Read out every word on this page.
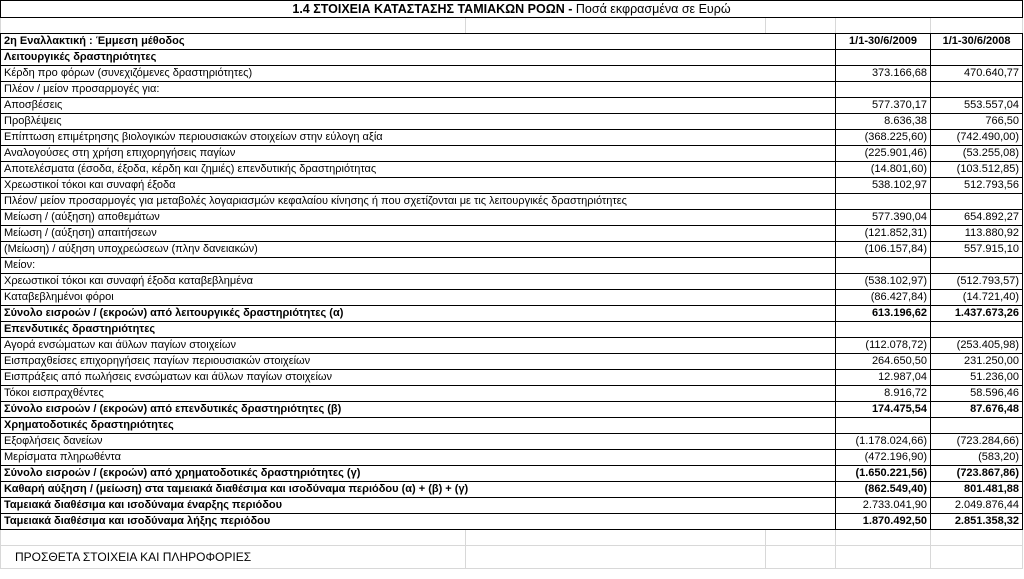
1.4 ΣΤΟΙΧΕΙΑ ΚΑΤΑΣΤΑΣΗΣ ΤΑΜΙΑΚΩΝ ΡΟΩΝ - Ποσά εκφρασμένα σε Ευρώ				

2η Εναλλακτική : Έμμεση μέθοδος			1/1-30/6/2009	1/1-30/6/2008
Λειτουργικές δραστηριότητες				
Κέρδη προ φόρων (συνεχιζόμενες δραστηριότητες)			373.166,68	470.640,77
Πλέον / μείον προσαρμογές για:				
Αποσβέσεις			577.370,17	553.557,04
Προβλέψεις			8.636,38	766,50
Επίπτωση επιμέτρησης βιολογικών περιουσιακών στοιχείων στην εύλογη αξία			(368.225,60)	(742.490,00)
Αναλογούσες στη χρήση επιχορηγήσεις παγίων			(225.901,46)	(53.255,08)
Αποτελέσματα (έσοδα, έξοδα, κέρδη και ζημιές) επενδυτικής δραστηριότητας			(14.801,60)	(103.512,85)
Χρεωστικοί τόκοι και συναφή έξοδα			538.102,97	512.793,56
Πλέον/ μείον προσαρμογές για μεταβολές λογαριασμών κεφαλαίου κίνησης ή που σχετίζονται με τις λειτουργικές δραστηριότητες				
Μείωση / (αύξηση) αποθεμάτων			577.390,04	654.892,27
Μείωση / (αύξηση) απαιτήσεων			(121.852,31)	113.880,92
(Μείωση) / αύξηση υποχρεώσεων (πλην δανειακών)			(106.157,84)	557.915,10
Μείον:				
Χρεωστικοί τόκοι και συναφή έξοδα καταβεβλημένα			(538.102,97)	(512.793,57)
Καταβεβλημένοι φόροι			(86.427,84)	(14.721,40)
Σύνολο εισροών / (εκροών) από λειτουργικές δραστηριότητες (α)			613.196,62	1.437.673,26
Επενδυτικές δραστηριότητες				
Αγορά ενσώματων και άϋλων παγίων στοιχείων			(112.078,72)	(253.405,98)
Εισπραχθείσες επιχορηγήσεις παγίων περιουσιακών στοιχείων			264.650,50	231.250,00
Εισπράξεις από πωλήσεις ενσώματων και άϋλων παγίων στοιχείων			12.987,04	51.236,00
Τόκοι εισπραχθέντες			8.916,72	58.596,46
Σύνολο εισροών / (εκροών) από επενδυτικές δραστηριότητες (β)			174.475,54	87.676,48
Χρηματοδοτικές δραστηριότητες				
Εξοφλήσεις δανείων			(1.178.024,66)	(723.284,66)
Μερίσματα πληρωθέντα			(472.196,90)	(583,20)
Σύνολο εισροών / (εκροών) από χρηματοδοτικές δραστηριότητες (γ)			(1.650.221,56)	(723.867,86)
Καθαρή αύξηση / (μείωση) στα ταμειακά διαθέσιμα και ισοδύναμα περιόδου (α) + (β) + (γ)			(862.549,40)	801.481,88
Ταμειακά διαθέσιμα και ισοδύναμα έναρξης περιόδου			2.733.041,90	2.049.876,44
Ταμειακά διαθέσιμα και ισοδύναμα λήξης περιόδου			1.870.492,50	2.851.358,32

ΠΡΟΣΘΕΤΑ ΣΤΟΙΧΕΙΑ ΚΑΙ ΠΛΗΡΟΦΟΡΙΕΣ				
